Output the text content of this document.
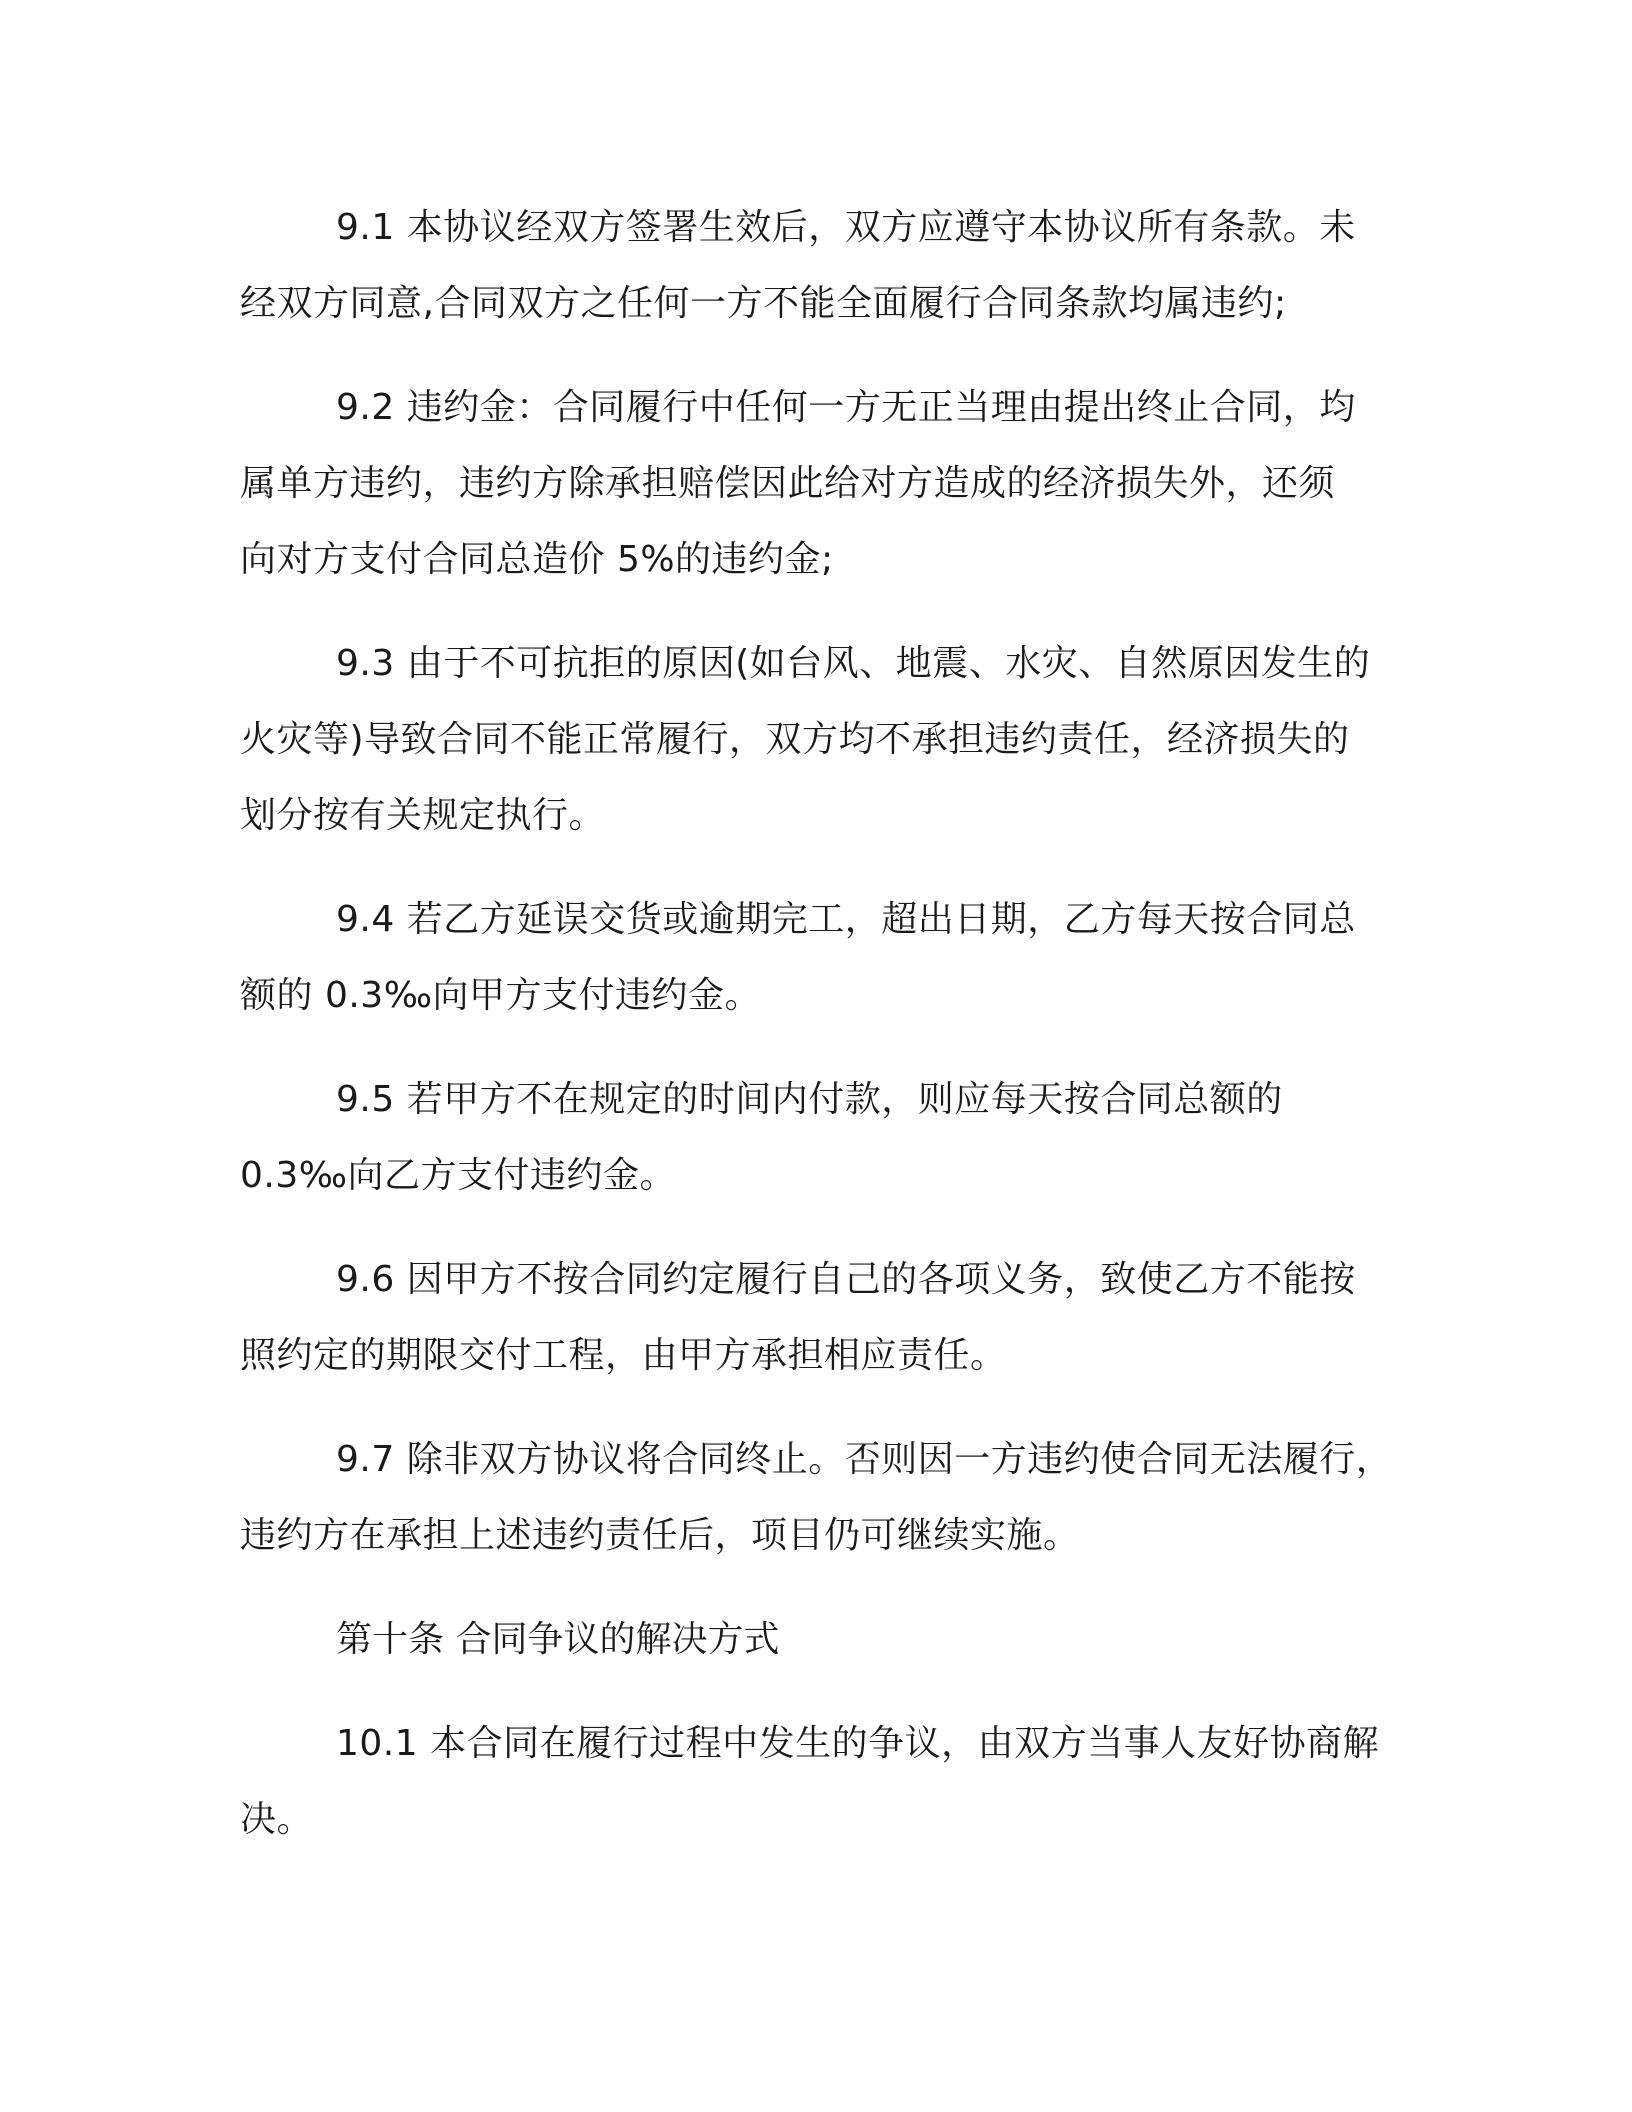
9.1 本协议经双方签署生效后，双方应遵守本协议所有条款。未
经双方同意,合同双方之任何一方不能全面履行合同条款均属违约;

9.2 违约金：合同履行中任何一方无正当理由提出终止合同，均
属单方违约，违约方除承担赔偿因此给对方造成的经济损失外，还须
向对方支付合同总造价 5%的违约金;

9.3 由于不可抗拒的原因(如台风、地震、水灾、自然原因发生的
火灾等)导致合同不能正常履行，双方均不承担违约责任，经济损失的
划分按有关规定执行。

9.4 若乙方延误交货或逾期完工，超出日期，乙方每天按合同总
额的 0.3‰向甲方支付违约金。

9.5 若甲方不在规定的时间内付款，则应每天按合同总额的
0.3‰向乙方支付违约金。

9.6 因甲方不按合同约定履行自己的各项义务，致使乙方不能按
照约定的期限交付工程，由甲方承担相应责任。

9.7 除非双方协议将合同终止。否则因一方违约使合同无法履行，
违约方在承担上述违约责任后，项目仍可继续实施。

第十条 合同争议的解决方式

10.1 本合同在履行过程中发生的争议，由双方当事人友好协商解
决。
